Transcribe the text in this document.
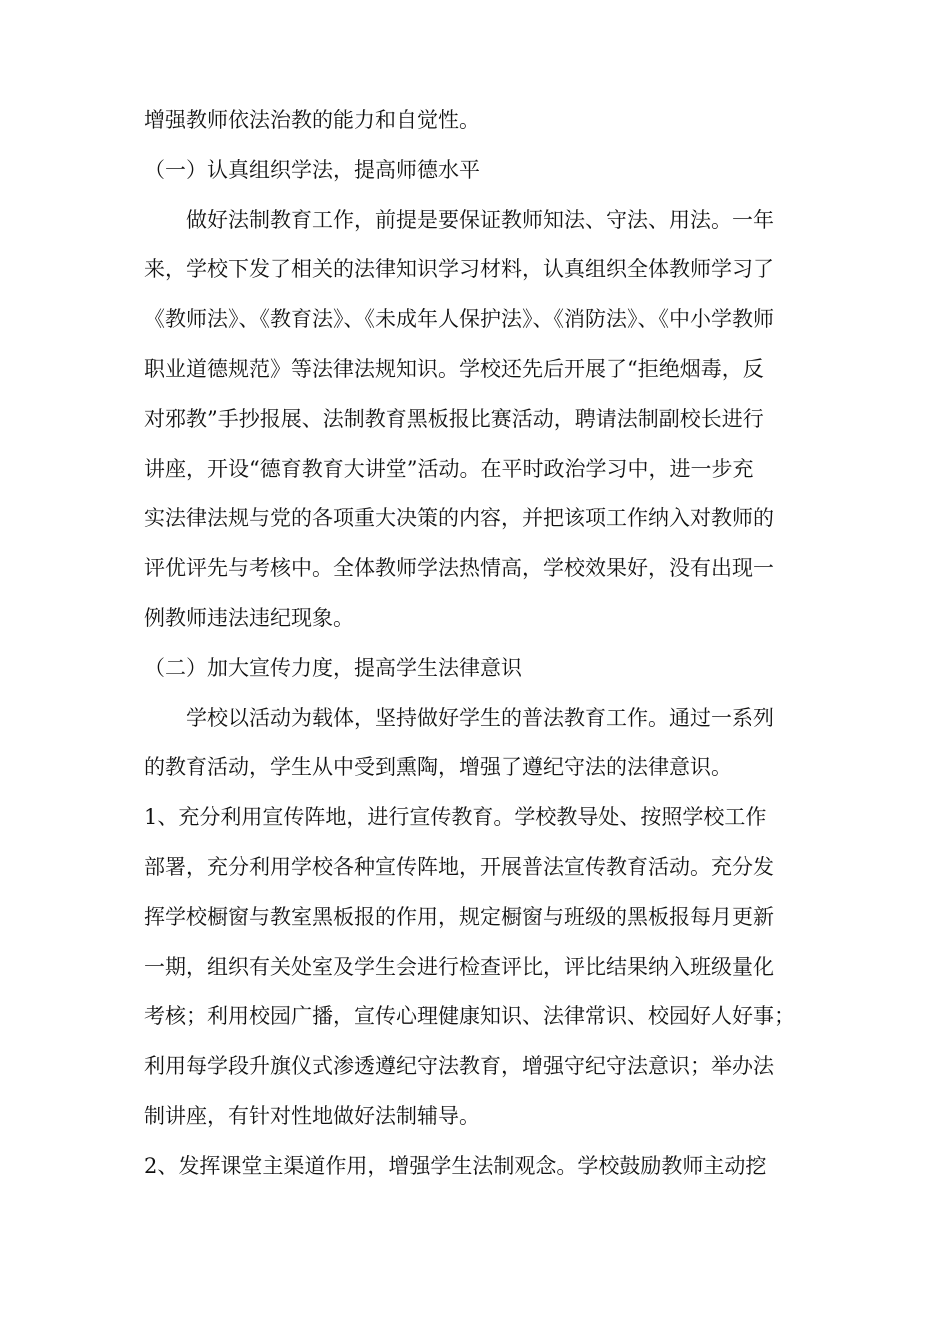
增强教师依法治教的能力和自觉性。

（一）认真组织学法，提高师德水平

　　做好法制教育工作，前提是要保证教师知法、守法、用法。一年

来，学校下发了相关的法律知识学习材料，认真组织全体教师学习了

《教师法》、《教育法》、《未成年人保护法》、《消防法》、《中小学教师

职业道德规范》等法律法规知识。学校还先后开展了“拒绝烟毒，反

对邪教”手抄报展、法制教育黑板报比赛活动，聘请法制副校长进行

讲座，开设“德育教育大讲堂”活动。在平时政治学习中，进一步充

实法律法规与党的各项重大决策的内容，并把该项工作纳入对教师的

评优评先与考核中。全体教师学法热情高，学校效果好，没有出现一

例教师违法违纪现象。

（二）加大宣传力度，提高学生法律意识

　　学校以活动为载体，坚持做好学生的普法教育工作。通过一系列

的教育活动，学生从中受到熏陶，增强了遵纪守法的法律意识。

1、充分利用宣传阵地，进行宣传教育。学校教导处、按照学校工作

部署，充分利用学校各种宣传阵地，开展普法宣传教育活动。充分发

挥学校橱窗与教室黑板报的作用，规定橱窗与班级的黑板报每月更新

一期，组织有关处室及学生会进行检查评比，评比结果纳入班级量化

考核；利用校园广播，宣传心理健康知识、法律常识、校园好人好事；

利用每学段升旗仪式渗透遵纪守法教育，增强守纪守法意识；举办法

制讲座，有针对性地做好法制辅导。

2、发挥课堂主渠道作用，增强学生法制观念。学校鼓励教师主动挖
